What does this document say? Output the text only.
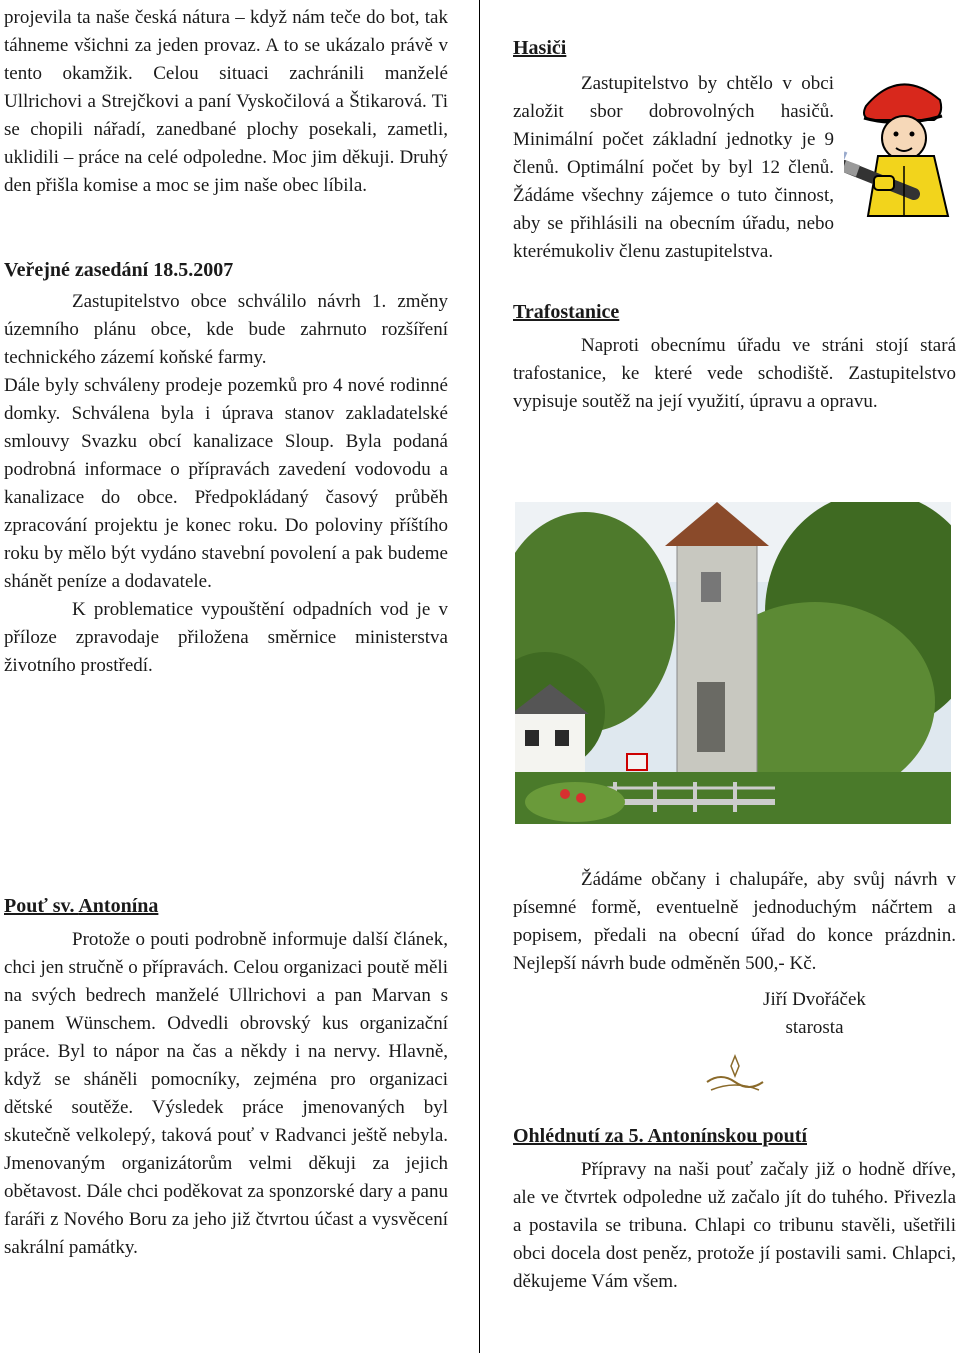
projevila ta naše česká nátura – když nám teče do bot, tak táhneme všichni za jeden provaz. A to se ukázalo právě v tento okamžik. Celou situaci zachránili manželé Ullrichovi a Strejčkovi a paní Vyskočilová a Štikarová. Ti se chopili nářadí, zanedbané plochy posekali, zametli, uklidili – práce na celé odpoledne. Moc jim děkuji. Druhý den přišla komise a moc se jim naše obec líbila.

Veřejné zasedání 18.5.2007

Zastupitelstvo obce schválilo návrh 1. změny územního plánu obce, kde bude zahrnuto rozšíření technického zázemí koňské farmy.

Dále byly schváleny prodeje pozemků pro 4 nové rodinné domky. Schválena byla i úprava stanov zakladatelské smlouvy Svazku obcí kanalizace Sloup. Byla podaná podrobná informace o přípravách zavedení vodovodu a kanalizace do obce. Předpokládaný časový průběh zpracování projektu je konec roku. Do poloviny příštího roku by mělo být vydáno stavební povolení a pak budeme shánět peníze a dodavatele.

K problematice vypouštění odpadních vod je v příloze zpravodaje přiložena směrnice ministerstva životního prostředí.

Hasiči

Zastupitelstvo by chtělo v obci založit sbor dobrovolných hasičů. Minimální počet základní jednotky je 9 členů. Optimální počet by byl 12 členů. Žádáme všechny zájemce o tuto činnost, aby se přihlásili na obecním úřadu, nebo kterémukoliv členu zastupitelstva.

Trafostanice

Naproti obecnímu úřadu ve stráni stojí stará trafostanice, ke které vede schodiště. Zastupitelstvo vypisuje soutěž na její využití, úpravu a opravu.

Pouť sv. Antonína

Protože o pouti podrobně informuje další článek, chci jen stručně o přípravách. Celou organizaci poutě měli na svých bedrech manželé Ullrichovi a pan Marvan s panem Wünschem. Odvedli obrovský kus organizační práce. Byl to nápor na čas a někdy i na nervy. Hlavně, když se sháněli pomocníky, zejména pro organizaci dětské soutěže. Výsledek práce jmenovaných byl skutečně velkolepý, taková pouť v Radvanci ještě nebyla. Jmenovaným organizátorům velmi děkuji za jejich obětavost. Dále chci poděkovat za sponzorské dary a panu faráři z Nového Boru za jeho již čtvrtou účast a vysvěcení sakrální památky.

Žádáme občany i chalupáře, aby svůj návrh v písemné formě, eventuelně jednoduchým náčrtem a popisem, předali na obecní úřad do konce prázdnin. Nejlepší návrh bude odměněn 500,- Kč.

Jiří Dvořáček

starosta

Ohlédnutí za 5. Antonínskou poutí

Přípravy na naši pouť začaly již o hodně dříve, ale ve čtvrtek odpoledne už začalo jít do tuhého. Přivezla a postavila se tribuna. Chlapi co tribunu stavěli, ušetřili obci docela dost peněz, protože jí postavili sami. Chlapci, děkujeme Vám všem.
